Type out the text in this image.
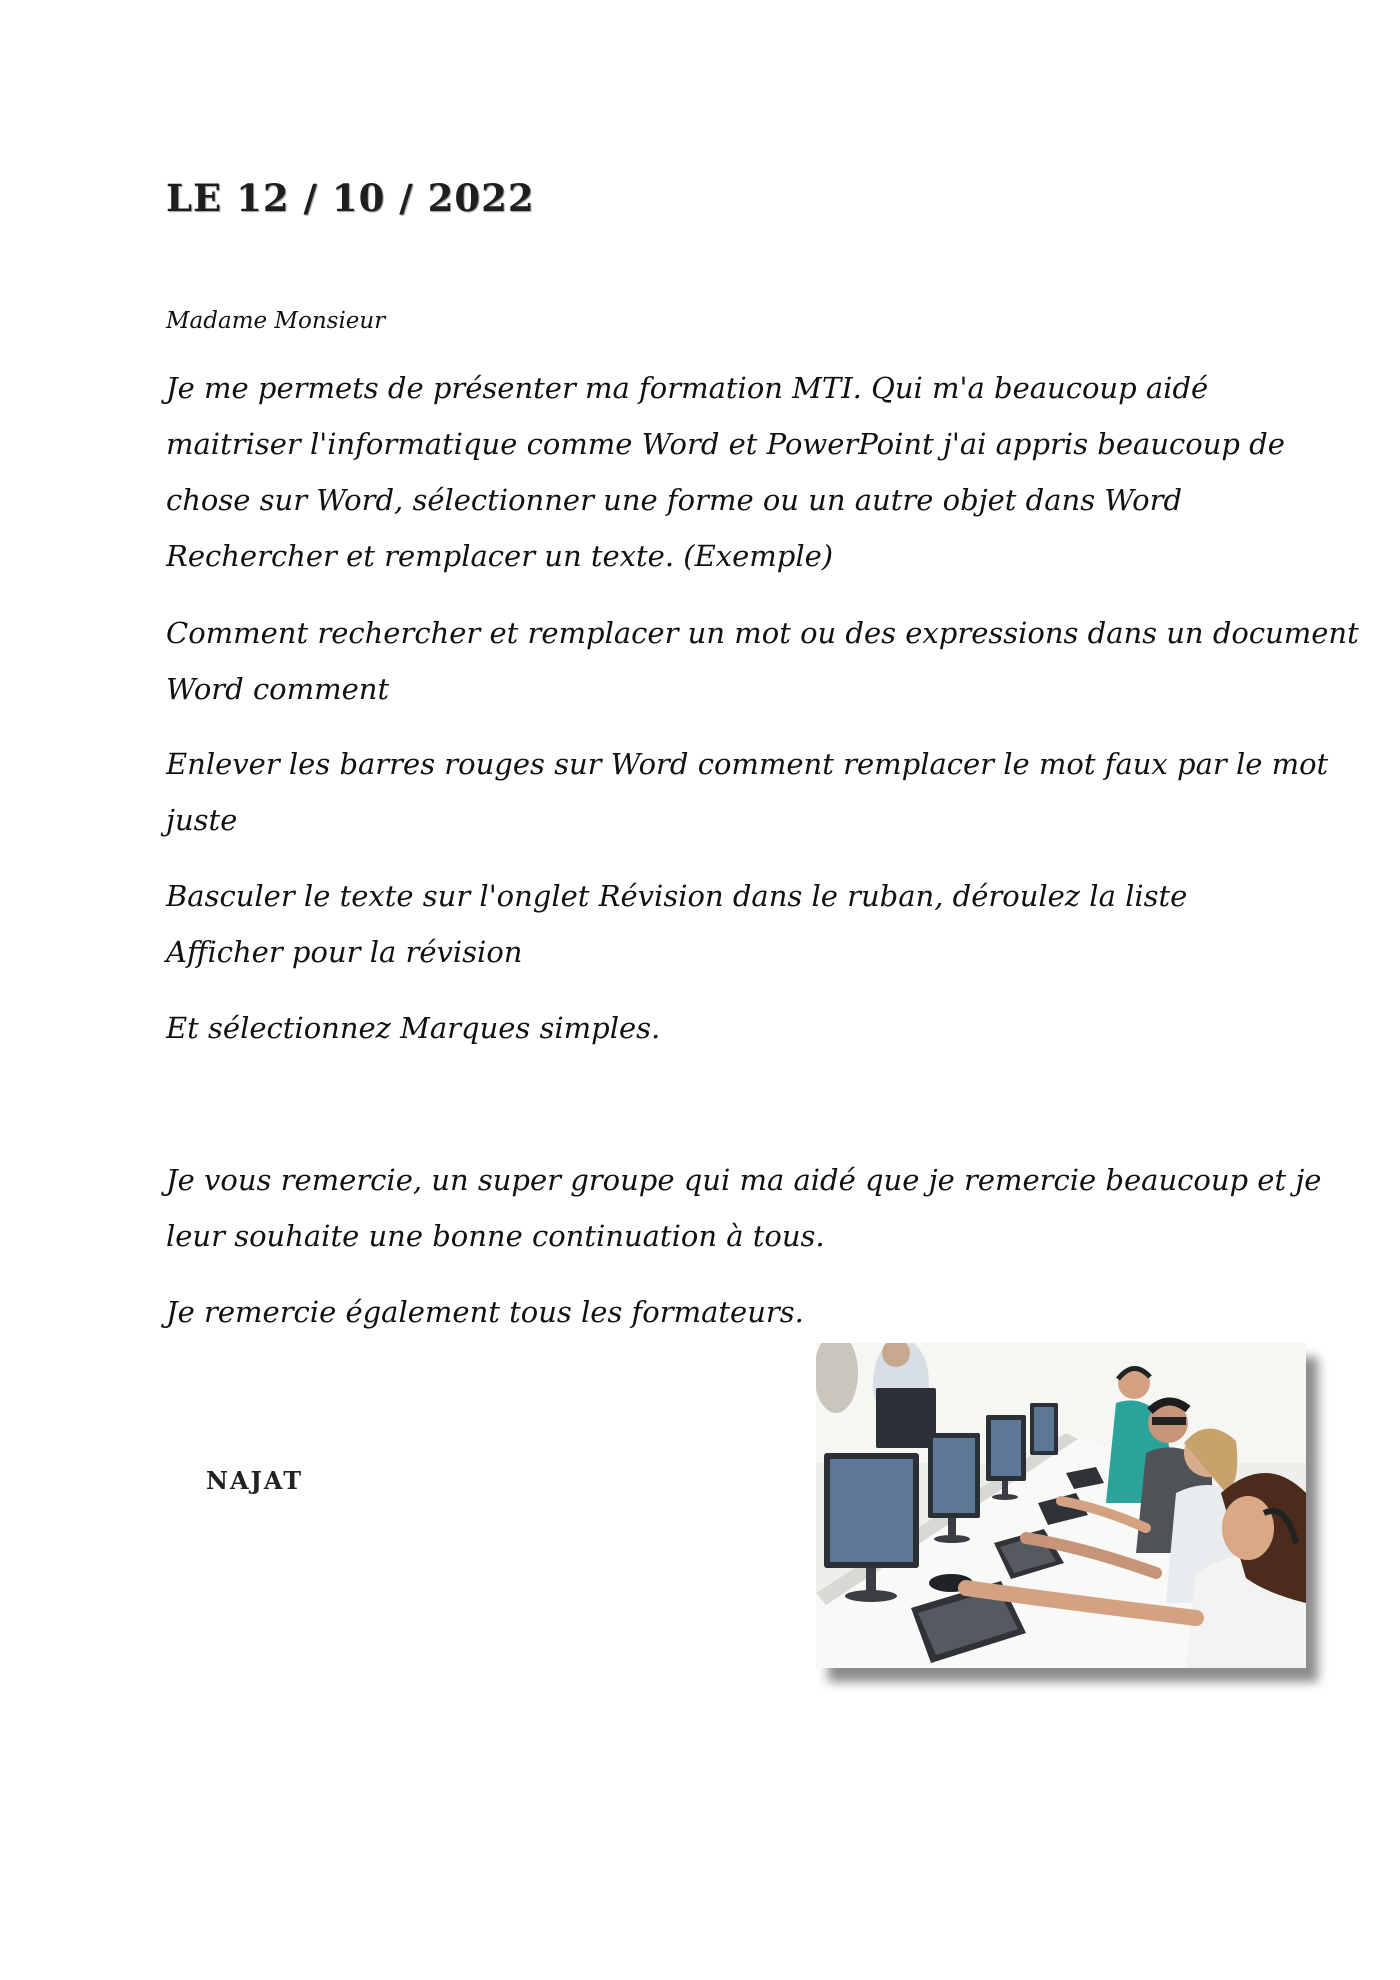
LE 12 / 10 / 2022
Madame Monsieur

Je me permets de présenter ma formation MTI. Qui m'a beaucoup aidé
maitriser l'informatique comme Word et PowerPoint j'ai appris beaucoup de
chose sur Word, sélectionner une forme ou un autre objet dans Word
Rechercher et remplacer un texte. (Exemple)

Comment rechercher et remplacer un mot ou des expressions dans un document
Word comment

Enlever les barres rouges sur Word comment remplacer le mot faux par le mot
juste

Basculer le texte sur l'onglet Révision dans le ruban, déroulez la liste
Afficher pour la révision

Et sélectionnez Marques simples.

Je vous remercie, un super groupe qui ma aidé que je remercie beaucoup et je
leur souhaite une bonne continuation à tous.

Je remercie également tous les formateurs.

NAJAT
